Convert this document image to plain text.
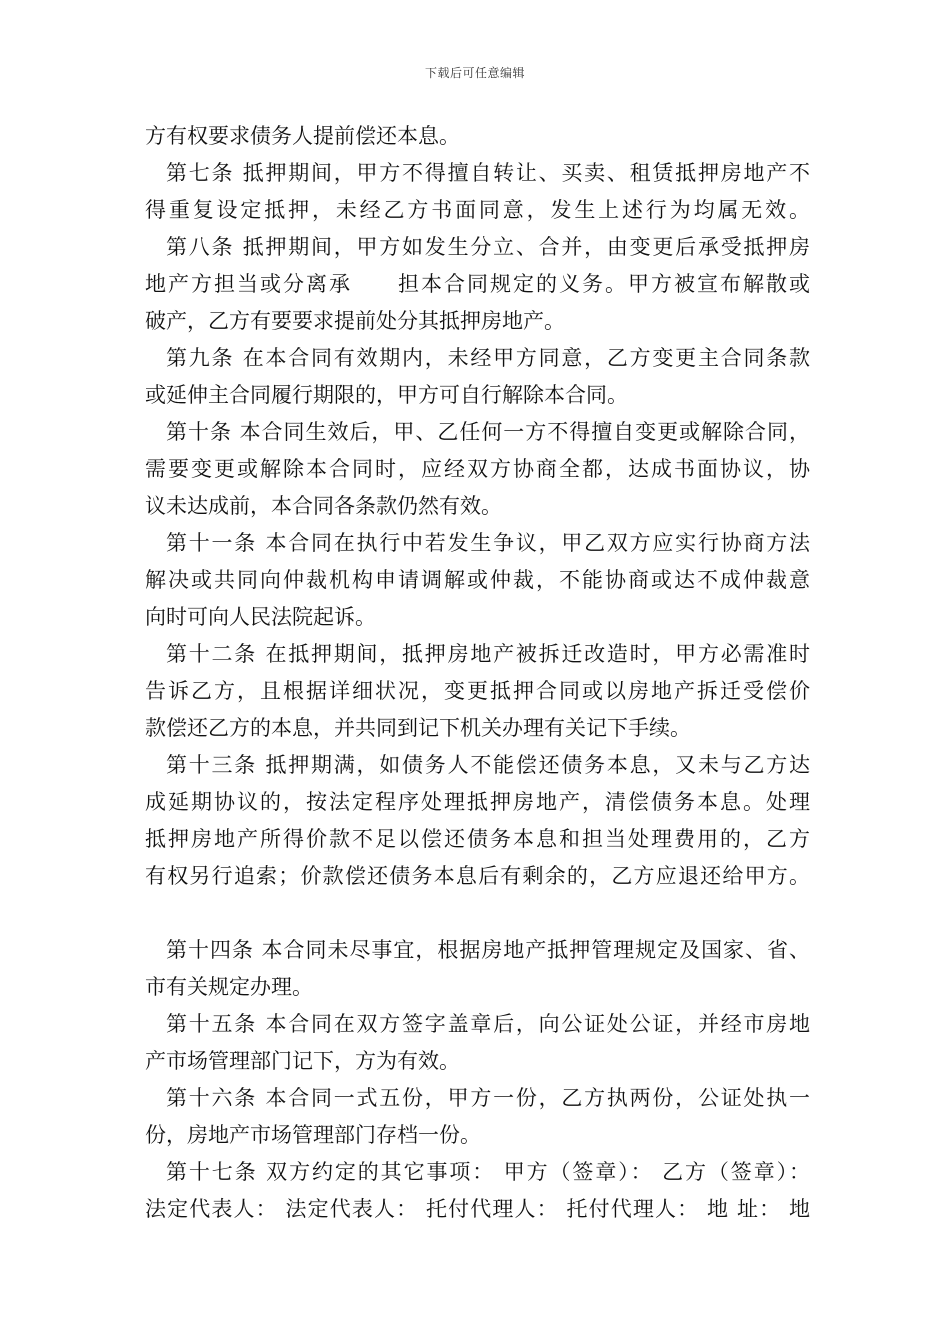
下载后可任意编辑
方有权要求债务人提前偿还本息。
第七条 抵押期间，甲方不得擅自转让、买卖、租赁抵押房地产不
得重复设定抵押，未经乙方书面同意，发生上述行为均属无效。
第八条 抵押期间，甲方如发生分立、合并，由变更后承受抵押房
地产方担当或分离承　　担本合同规定的义务。甲方被宣布解散或
破产，乙方有要要求提前处分其抵押房地产。
第九条 在本合同有效期内，未经甲方同意，乙方变更主合同条款
或延伸主合同履行期限的，甲方可自行解除本合同。
第十条 本合同生效后，甲、乙任何一方不得擅自变更或解除合同，
需要变更或解除本合同时，应经双方协商全都，达成书面协议，协
议未达成前，本合同各条款仍然有效。
第十一条 本合同在执行中若发生争议，甲乙双方应实行协商方法
解决或共同向仲裁机构申请调解或仲裁，不能协商或达不成仲裁意
向时可向人民法院起诉。
第十二条 在抵押期间，抵押房地产被拆迁改造时，甲方必需准时
告诉乙方，且根据详细状况，变更抵押合同或以房地产拆迁受偿价
款偿还乙方的本息，并共同到记下机关办理有关记下手续。
第十三条 抵押期满，如债务人不能偿还债务本息，又未与乙方达
成延期协议的，按法定程序处理抵押房地产，清偿债务本息。处理
抵押房地产所得价款不足以偿还债务本息和担当处理费用的，乙方
有权另行追索；价款偿还债务本息后有剩余的，乙方应退还给甲方。
第十四条 本合同未尽事宜，根据房地产抵押管理规定及国家、省、
市有关规定办理。
第十五条 本合同在双方签字盖章后，向公证处公证，并经市房地
产市场管理部门记下，方为有效。
第十六条 本合同一式五份，甲方一份，乙方执两份，公证处执一
份，房地产市场管理部门存档一份。
第十七条 双方约定的其它事项： 甲方（签章）： 乙方（签章）：
法定代表人： 法定代表人： 托付代理人： 托付代理人： 地 址： 地
